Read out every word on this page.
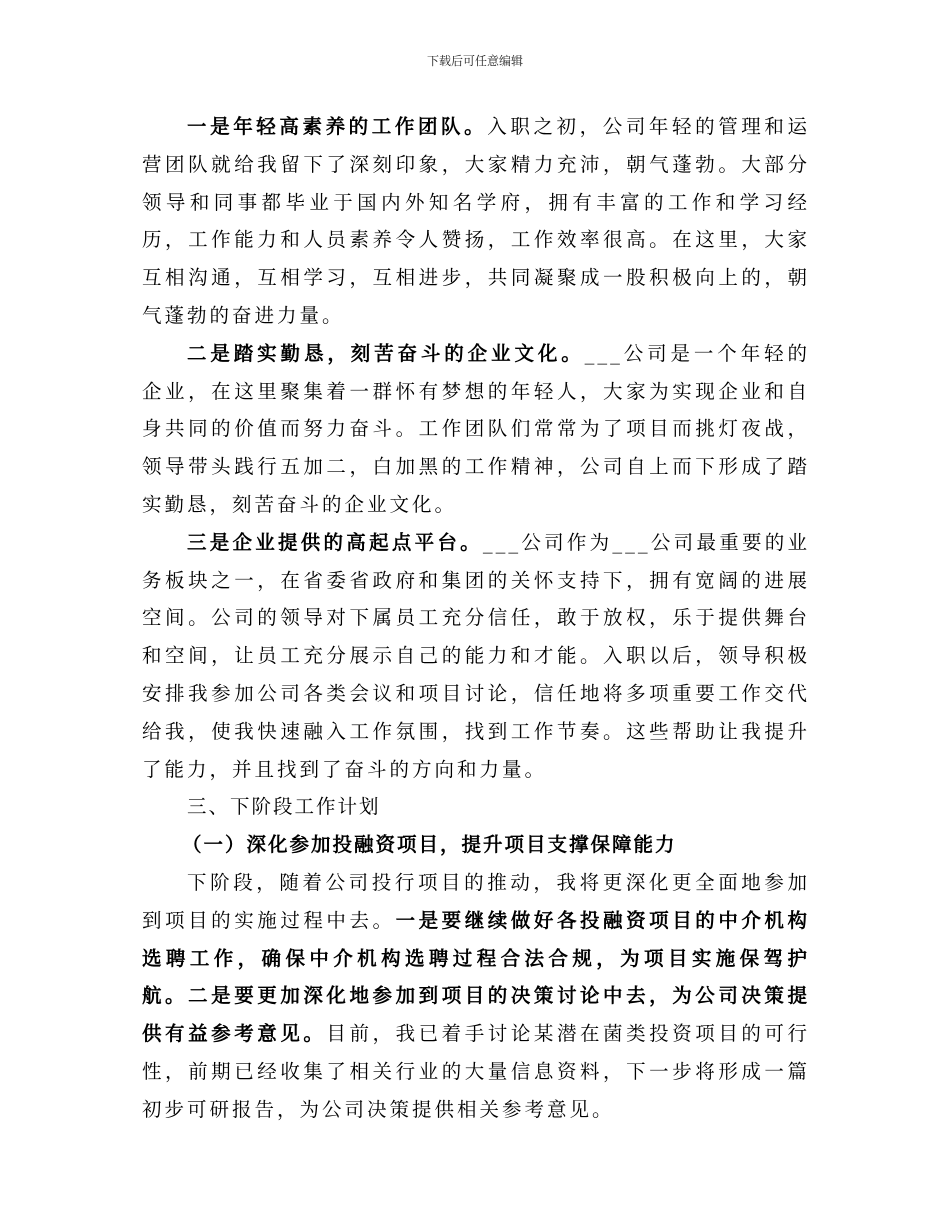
下载后可任意编辑

一是年轻高素养的工作团队。入职之初，公司年轻的管理和运营团队就给我留下了深刻印象，大家精力充沛，朝气蓬勃。大部分领导和同事都毕业于国内外知名学府，拥有丰富的工作和学习经历，工作能力和人员素养令人赞扬，工作效率很高。在这里，大家互相沟通，互相学习，互相进步，共同凝聚成一股积极向上的，朝气蓬勃的奋进力量。

二是踏实勤恳，刻苦奋斗的企业文化。___公司是一个年轻的企业，在这里聚集着一群怀有梦想的年轻人，大家为实现企业和自身共同的价值而努力奋斗。工作团队们常常为了项目而挑灯夜战，领导带头践行五加二，白加黑的工作精神，公司自上而下形成了踏实勤恳，刻苦奋斗的企业文化。

三是企业提供的高起点平台。___公司作为___公司最重要的业务板块之一，在省委省政府和集团的关怀支持下，拥有宽阔的进展空间。公司的领导对下属员工充分信任，敢于放权，乐于提供舞台和空间，让员工充分展示自己的能力和才能。入职以后，领导积极安排我参加公司各类会议和项目讨论，信任地将多项重要工作交代给我，使我快速融入工作氛围，找到工作节奏。这些帮助让我提升了能力，并且找到了奋斗的方向和力量。

三、下阶段工作计划

（一）深化参加投融资项目，提升项目支撑保障能力

下阶段，随着公司投行项目的推动，我将更深化更全面地参加到项目的实施过程中去。一是要继续做好各投融资项目的中介机构选聘工作，确保中介机构选聘过程合法合规，为项目实施保驾护航。二是要更加深化地参加到项目的决策讨论中去，为公司决策提供有益参考意见。目前，我已着手讨论某潜在菌类投资项目的可行性，前期已经收集了相关行业的大量信息资料，下一步将形成一篇初步可研报告，为公司决策提供相关参考意见。
